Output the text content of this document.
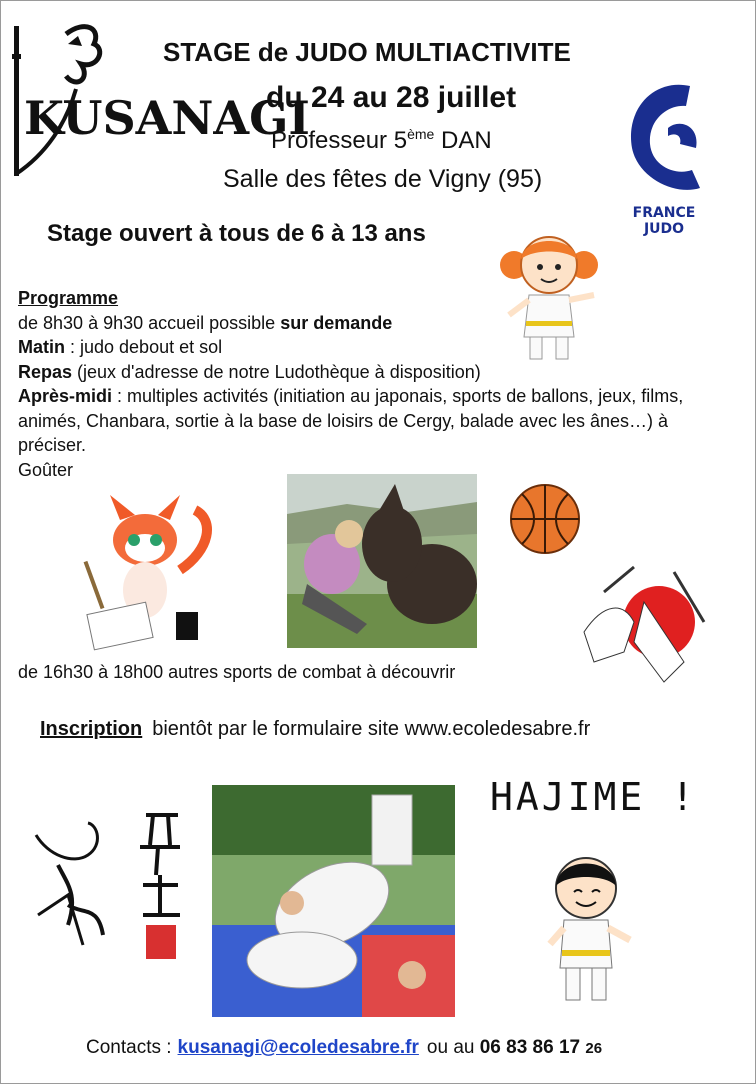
KUSANAGI
STAGE de JUDO MULTIACTIVITE
du 24 au 28 juillet
Professeur 5ème DAN
Salle des fêtes de Vigny (95)
FRANCE
JUDO
Stage ouvert à tous de 6 à 13 ans
Programme
de 8h30 à 9h30 accueil possible sur demande
Matin : judo debout et sol
Repas (jeux d'adresse de notre Ludothèque à disposition)
Après-midi : multiples activités (initiation au japonais, sports de ballons, jeux, films, animés, Chanbara, sortie à la base de loisirs de Cergy, balade avec les ânes…) à préciser.
Goûter
de 16h30 à 18h00 autres sports de combat à découvrir
Inscription bientôt par le formulaire site www.ecoledesabre.fr
HAJIME !
Contacts : kusanagi@ecoledesabre.fr ou au 06 83 86 17 26
